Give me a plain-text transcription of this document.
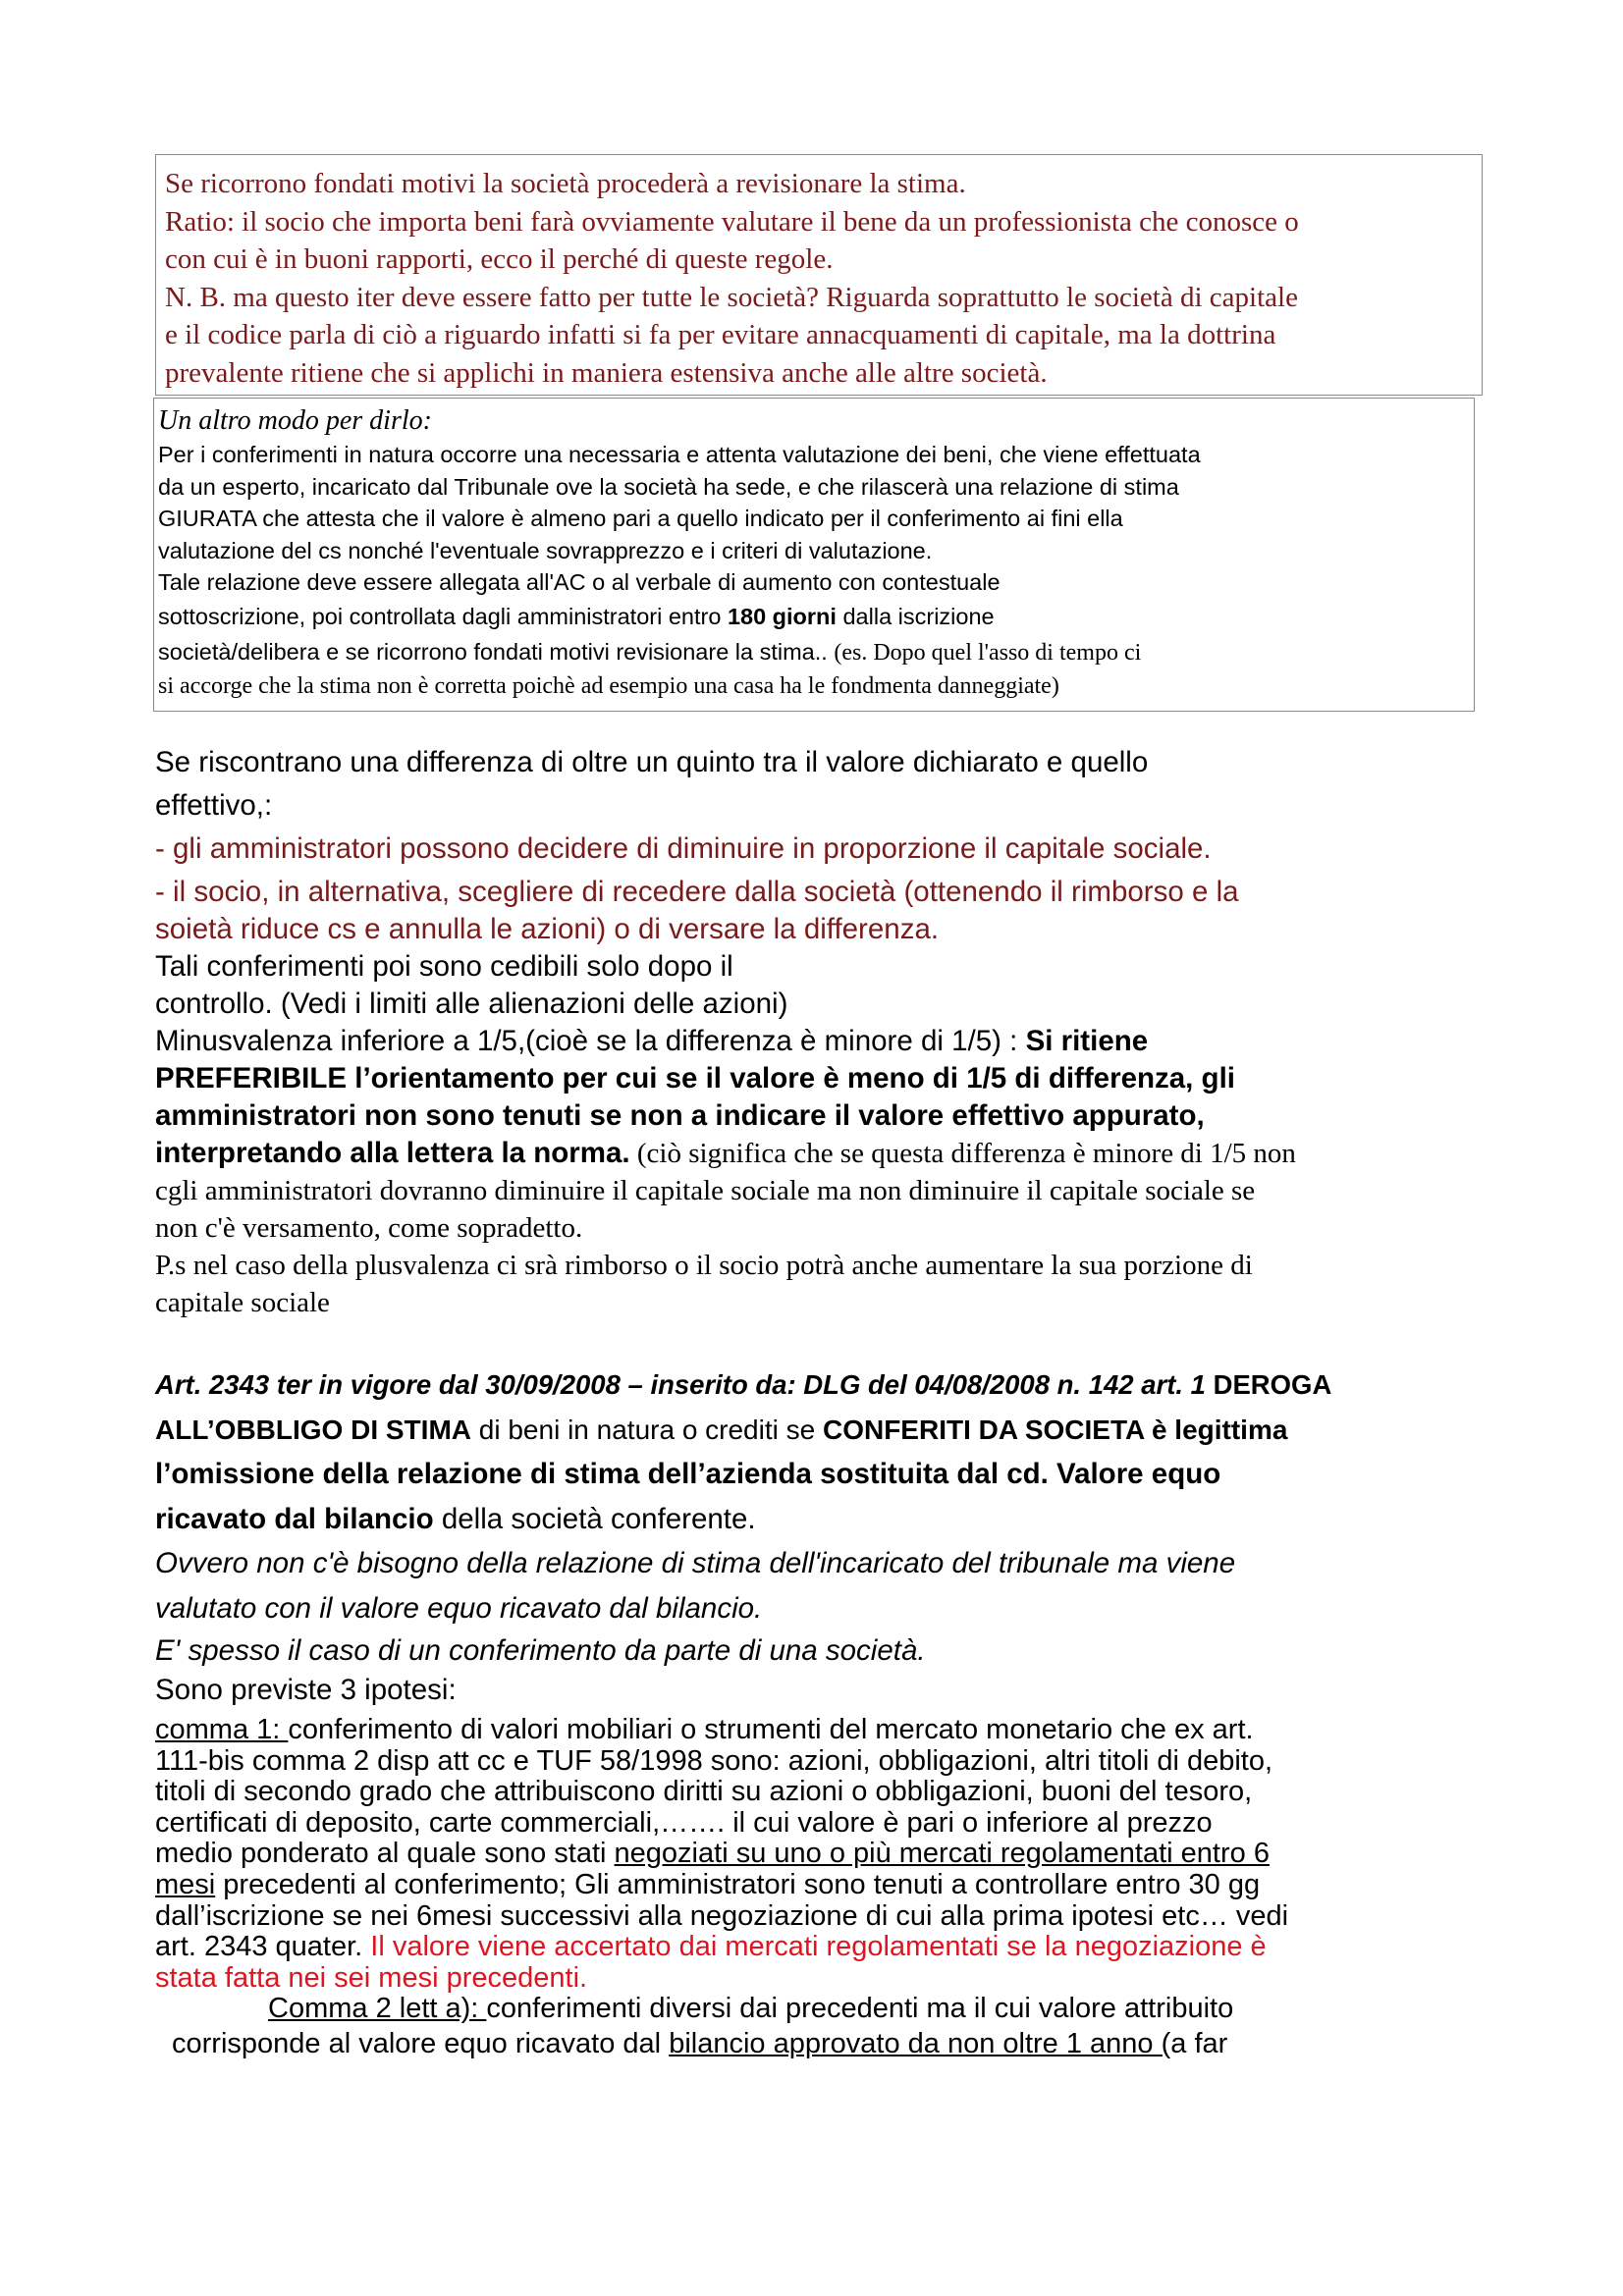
Se ricorrono fondati motivi la società procederà a revisionare la stima.
Ratio: il socio che importa beni farà ovviamente valutare il bene da un professionista che conosce o
con cui è in buoni rapporti, ecco il perché di queste regole.
N. B. ma questo iter deve essere fatto per tutte le società? Riguarda soprattutto le società di capitale
e il codice parla di ciò a riguardo infatti si fa per evitare annacquamenti di capitale, ma la dottrina
prevalente ritiene che si applichi in maniera estensiva anche alle altre società.
Un altro modo per dirlo:
Per i conferimenti in natura occorre una necessaria e attenta valutazione dei beni, che viene effettuata
da un esperto, incaricato dal Tribunale ove la società ha sede, e che rilascerà una relazione di stima
GIURATA che attesta che il valore è almeno pari a quello indicato per il conferimento ai fini ella
valutazione del cs nonché l'eventuale sovrapprezzo e i criteri di valutazione.
Tale relazione deve essere allegata all'AC o al verbale di aumento con contestuale
sottoscrizione, poi controllata dagli amministratori entro 180 giorni dalla iscrizione
società/delibera e se ricorrono fondati motivi revisionare la stima.. (es. Dopo quel l'asso di tempo ci
si accorge che la stima non è corretta poichè ad esempio una casa ha le fondmenta danneggiate)
Se riscontrano una differenza di oltre un quinto tra il valore dichiarato e quello
effettivo,:
- gli amministratori possono decidere di diminuire in proporzione il capitale sociale.
- il socio, in alternativa, scegliere di recedere dalla società (ottenendo il rimborso e la
soietà riduce cs e annulla le azioni) o di versare la differenza.
Tali conferimenti poi sono cedibili solo dopo il
controllo. (Vedi i limiti alle alienazioni delle azioni)
Minusvalenza inferiore a 1/5,(cioè se la differenza è minore di 1/5) : Si ritiene
PREFERIBILE l’orientamento per cui se il valore è meno di 1/5 di differenza, gli
amministratori non sono tenuti se non a indicare il valore effettivo appurato,
interpretando alla lettera la norma. (ciò significa che se questa differenza è minore di 1/5 non
cgli amministratori dovranno diminuire il capitale sociale ma non diminuire il capitale sociale se
non c'è versamento, come sopradetto.
P.s nel caso della plusvalenza ci srà rimborso o il socio potrà anche aumentare la sua porzione di
capitale sociale
Art. 2343 ter in vigore dal 30/09/2008 – inserito da: DLG del 04/08/2008 n. 142 art. 1 DEROGA
ALL’OBBLIGO DI STIMA di beni in natura o crediti se CONFERITI DA SOCIETA è legittima
l’omissione della relazione di stima dell’azienda sostituita dal cd. Valore equo
ricavato dal bilancio della società conferente.
Ovvero non c'è bisogno della relazione di stima dell'incaricato del tribunale ma viene
valutato con il valore equo ricavato dal bilancio.
E' spesso il caso di un conferimento da parte di una società.
Sono previste 3 ipotesi:
comma 1: conferimento di valori mobiliari o strumenti del mercato monetario che ex art.
111-bis comma 2 disp att cc e TUF 58/1998 sono: azioni, obbligazioni, altri titoli di debito,
titoli di secondo grado che attribuiscono diritti su azioni o obbligazioni, buoni del tesoro,
certificati di deposito, carte commerciali,……. il cui valore è pari o inferiore al prezzo
medio ponderato al quale sono stati negoziati su uno o più mercati regolamentati entro 6
mesi precedenti al conferimento; Gli amministratori sono tenuti a controllare entro 30 gg
dall’iscrizione se nei 6mesi successivi alla negoziazione di cui alla prima ipotesi etc… vedi
art. 2343 quater. Il valore viene accertato dai mercati regolamentati se la negoziazione è
stata fatta nei sei mesi precedenti.
Comma 2 lett a): conferimenti diversi dai precedenti ma il cui valore attribuito
corrisponde al valore equo ricavato dal bilancio approvato da non oltre 1 anno (a far
